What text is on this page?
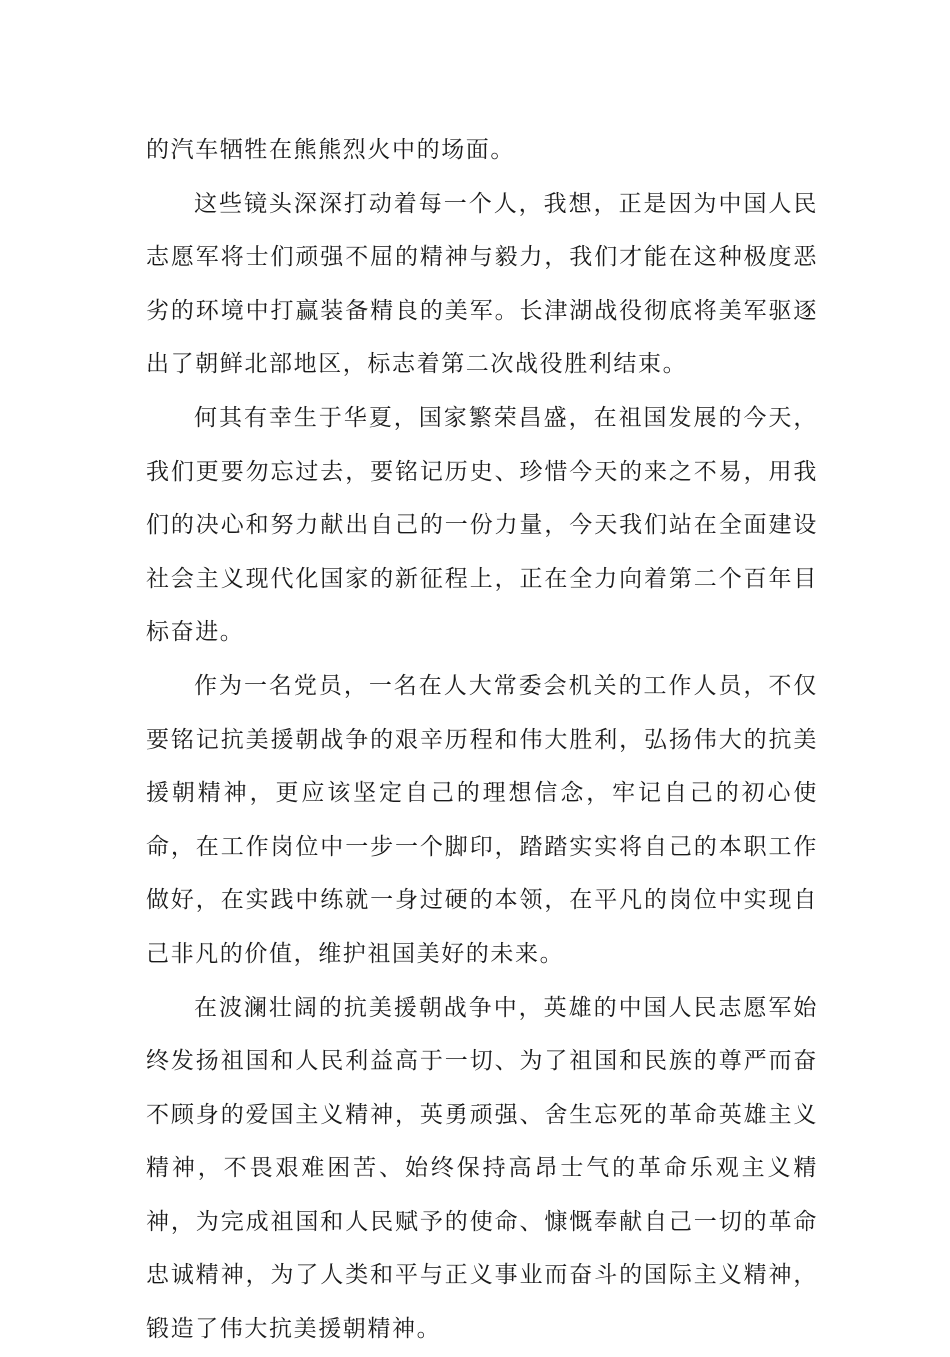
的汽车牺牲在熊熊烈火中的场面。

这些镜头深深打动着每一个人，我想，正是因为中国人民志愿军将士们顽强不屈的精神与毅力，我们才能在这种极度恶劣的环境中打赢装备精良的美军。长津湖战役彻底将美军驱逐出了朝鲜北部地区，标志着第二次战役胜利结束。

何其有幸生于华夏，国家繁荣昌盛，在祖国发展的今天，我们更要勿忘过去，要铭记历史、珍惜今天的来之不易，用我们的决心和努力献出自己的一份力量，今天我们站在全面建设社会主义现代化国家的新征程上，正在全力向着第二个百年目标奋进。

作为一名党员，一名在人大常委会机关的工作人员，不仅要铭记抗美援朝战争的艰辛历程和伟大胜利，弘扬伟大的抗美援朝精神，更应该坚定自己的理想信念，牢记自己的初心使命，在工作岗位中一步一个脚印，踏踏实实将自己的本职工作做好，在实践中练就一身过硬的本领，在平凡的岗位中实现自己非凡的价值，维护祖国美好的未来。

在波澜壮阔的抗美援朝战争中，英雄的中国人民志愿军始终发扬祖国和人民利益高于一切、为了祖国和民族的尊严而奋不顾身的爱国主义精神，英勇顽强、舍生忘死的革命英雄主义精神，不畏艰难困苦、始终保持高昂士气的革命乐观主义精神，为完成祖国和人民赋予的使命、慷慨奉献自己一切的革命忠诚精神，为了人类和平与正义事业而奋斗的国际主义精神，锻造了伟大抗美援朝精神。
